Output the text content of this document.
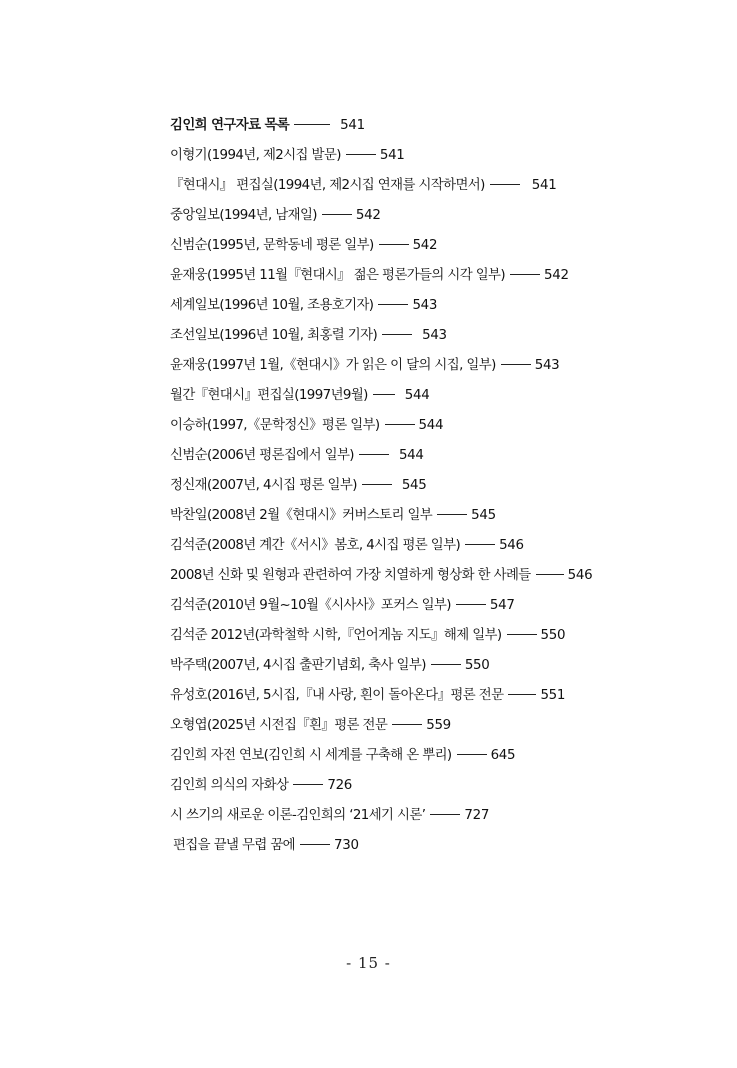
김인희 연구자료 목록	541
이형기(1994년, 제2시집 발문)	541
『현대시』 편집실(1994년, 제2시집 연재를 시작하면서)	541
중앙일보(1994년, 남재일)	542
신범순(1995년, 문학동네 평론 일부)	542
윤재웅(1995년 11월『현대시』 젊은 평론가들의 시각 일부)	542
세계일보(1996년 10월, 조용호기자)	543
조선일보(1996년 10월, 최홍렬 기자)	543
윤재웅(1997년 1월,《현대시》가 읽은 이 달의 시집, 일부)	543
월간『현대시』편집실(1997년9월)	544
이승하(1997,《문학정신》평론 일부)	544
신범순(2006년 평론집에서 일부)	544
정신재(2007년, 4시집 평론 일부)	545
박찬일(2008년 2월《현대시》커버스토리 일부	545
김석준(2008년 계간《서시》봄호, 4시집 평론 일부)	546
2008년 신화 및 원형과 관련하여 가장 치열하게 형상화 한 사례들	546
김석준(2010년 9월~10월《시사사》포커스 일부)	547
김석준 2012년(과학철학 시학,『언어게놈 지도』해제 일부)	550
박주택(2007년, 4시집 출판기념회, 축사 일부)	550
유성호(2016년, 5시집,『내 사랑, 흰이 돌아온다』평론 전문	551
오형엽(2025년 시전집『흰』평론 전문	559
김인희 자전 연보(김인희 시 세계를 구축해 온 뿌리)	645
김인희 의식의 자화상	726
시 쓰기의 새로운 이론-김인희의 ‘21세기 시론’	727
편집을 끝낼 무렵 꿈에	730
- 15 -
